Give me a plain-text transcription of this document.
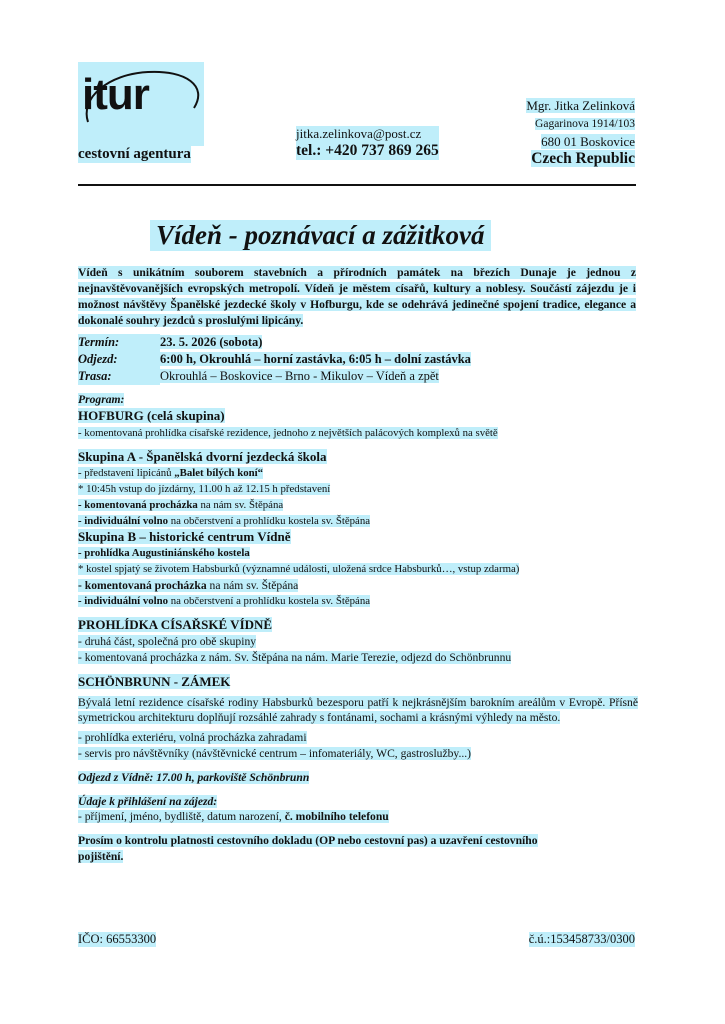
itur
cestovní agentura
jitka.zelinkova@post.cz
tel.: +420 737 869 265
Mgr. Jitka Zelinková
Gagarinova 1914/103
680 01 Boskovice
Czech Republic
Vídeň - poznávací a zážitková
Vídeň s unikátním souborem stavebních a přírodních památek na březích Dunaje je jednou z nejnavštěvovanějších evropských metropolí. Vídeň je městem císařů, kultury a noblesy. Součástí zájezdu je i možnost návštěvy Španělské jezdecké školy v Hofburgu, kde se odehrává jedinečné spojení tradice, elegance a dokonalé souhry jezdců s proslulými lipicány.
Termín:	23. 5. 2026 (sobota)
Odjezd:	6:00 h, Okrouhlá – horní zastávka, 6:05 h – dolní zastávka
Trasa:	Okrouhlá – Boskovice – Brno - Mikulov – Vídeň a zpět

Program:

HOFBURG (celá skupina)

- komentovaná prohlídka císařské rezidence, jednoho z největších palácových komplexů na světě

Skupina A - Španělská dvorní jezdecká škola

- představení lipicánů „Balet bílých koní“

* 10:45h vstup do jízdárny, 11.00 h až 12.15 h představení

- komentovaná procházka na nám sv. Štěpána

- individuální volno na občerstvení a prohlídku kostela sv. Štěpána

Skupina B – historické centrum Vídně

- prohlídka Augustiniánského kostela

* kostel spjatý se životem Habsburků (významné události, uložená srdce Habsburků…, vstup zdarma)

- komentovaná procházka na nám sv. Štěpána

- individuální volno na občerstvení a prohlídku kostela sv. Štěpána

PROHLÍDKA CÍSAŘSKÉ VÍDNĚ

- druhá část, společná pro obě skupiny

- komentovaná procházka z nám. Sv. Štěpána na nám. Marie Terezie, odjezd do Schönbrunnu

SCHÖNBRUNN - ZÁMEK

Bývalá letní rezidence císařské rodiny Habsburků bezesporu patří k nejkrásnějším barokním areálům v Evropě. Přísně symetrickou architekturu doplňují rozsáhlé zahrady s fontánami, sochami a krásnými výhledy na město.

- prohlídka exteriéru, volná procházka zahradami

- servis pro návštěvníky (návštěvnické centrum – infomateriály, WC, gastroslužby...)

Odjezd z Vídně: 17.00 h, parkoviště Schönbrunn

Údaje k přihlášení na zájezd:

- příjmení, jméno, bydliště, datum narození, č. mobilního telefonu

Prosím o kontrolu platnosti cestovního dokladu (OP nebo cestovní pas) a uzavření cestovního pojištění.

IČO: 66553300	č.ú.:153458733/0300
